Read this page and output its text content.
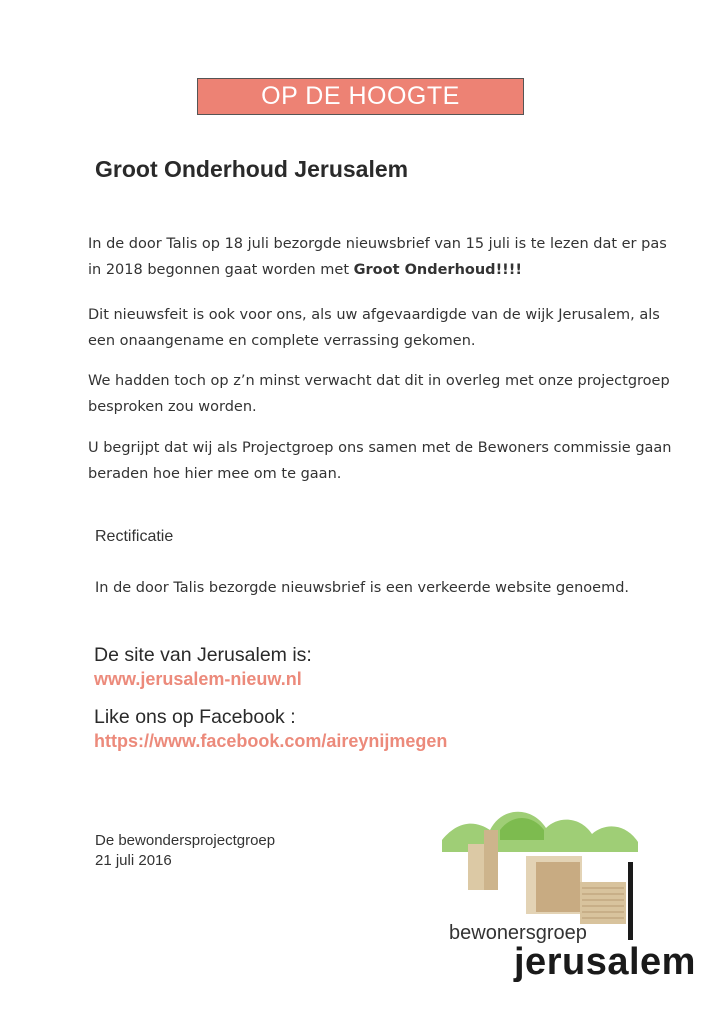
OP DE HOOGTE
Groot Onderhoud Jerusalem
In de door Talis op 18 juli bezorgde nieuwsbrief van 15 juli is te lezen dat er pas in 2018 begonnen gaat worden met Groot Onderhoud!!!!
Dit nieuwsfeit is ook voor ons, als uw afgevaardigde van de wijk Jerusalem, als een onaangename en complete verrassing gekomen.
We hadden toch op z’n minst verwacht dat dit in overleg met onze projectgroep besproken zou worden.
U begrijpt dat wij als Projectgroep ons samen met de Bewoners commissie gaan beraden hoe hier mee om te gaan.
Rectificatie
In de door Talis bezorgde nieuwsbrief is een verkeerde website genoemd.
De site van Jerusalem is:
www.jerusalem-nieuw.nl
Like ons op Facebook :
https://www.facebook.com/aireynijmegen
De bewondersprojectgroep
21 juli 2016
bewonersgroep
jerusalem
